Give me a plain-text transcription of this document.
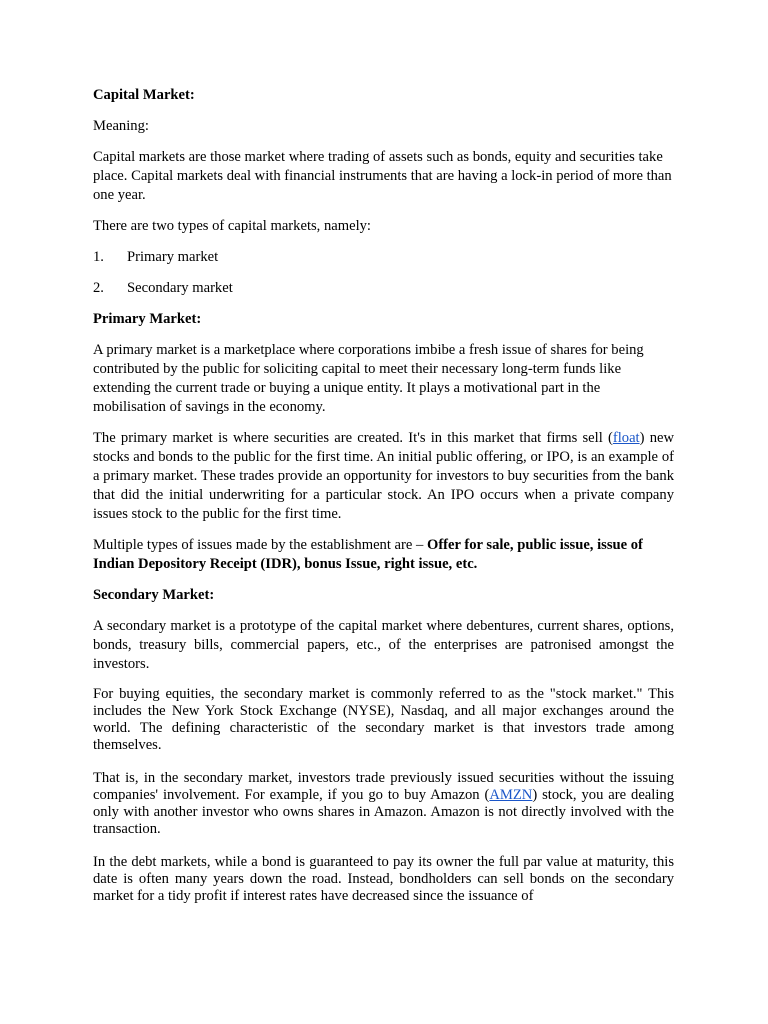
Capital Market:

Meaning:

Capital markets are those market where trading of assets such as bonds, equity and securities take place. Capital markets deal with financial instruments that are having a lock-in period of more than one year.

There are two types of capital markets, namely:

1.	Primary market

2.	Secondary market

Primary Market:

A primary market is a marketplace where corporations imbibe a fresh issue of shares for being contributed by the public for soliciting capital to meet their necessary long-term funds like extending the current trade or buying a unique entity. It plays a motivational part in the mobilisation of savings in the economy.

The primary market is where securities are created. It's in this market that firms sell (float) new stocks and bonds to the public for the first time. An initial public offering, or IPO, is an example of a primary market. These trades provide an opportunity for investors to buy securities from the bank that did the initial underwriting for a particular stock. An IPO occurs when a private company issues stock to the public for the first time.

Multiple types of issues made by the establishment are – Offer for sale, public issue, issue of Indian Depository Receipt (IDR), bonus Issue, right issue, etc.

Secondary Market:

A secondary market is a prototype of the capital market where debentures, current shares, options, bonds, treasury bills, commercial papers, etc., of the enterprises are patronised amongst the investors.

For buying equities, the secondary market is commonly referred to as the "stock market." This includes the New York Stock Exchange (NYSE), Nasdaq, and all major exchanges around the world. The defining characteristic of the secondary market is that investors trade among themselves.

That is, in the secondary market, investors trade previously issued securities without the issuing companies' involvement. For example, if you go to buy Amazon (AMZN) stock, you are dealing only with another investor who owns shares in Amazon. Amazon is not directly involved with the transaction.

In the debt markets, while a bond is guaranteed to pay its owner the full par value at maturity, this date is often many years down the road. Instead, bondholders can sell bonds on the secondary market for a tidy profit if interest rates have decreased since the issuance of
